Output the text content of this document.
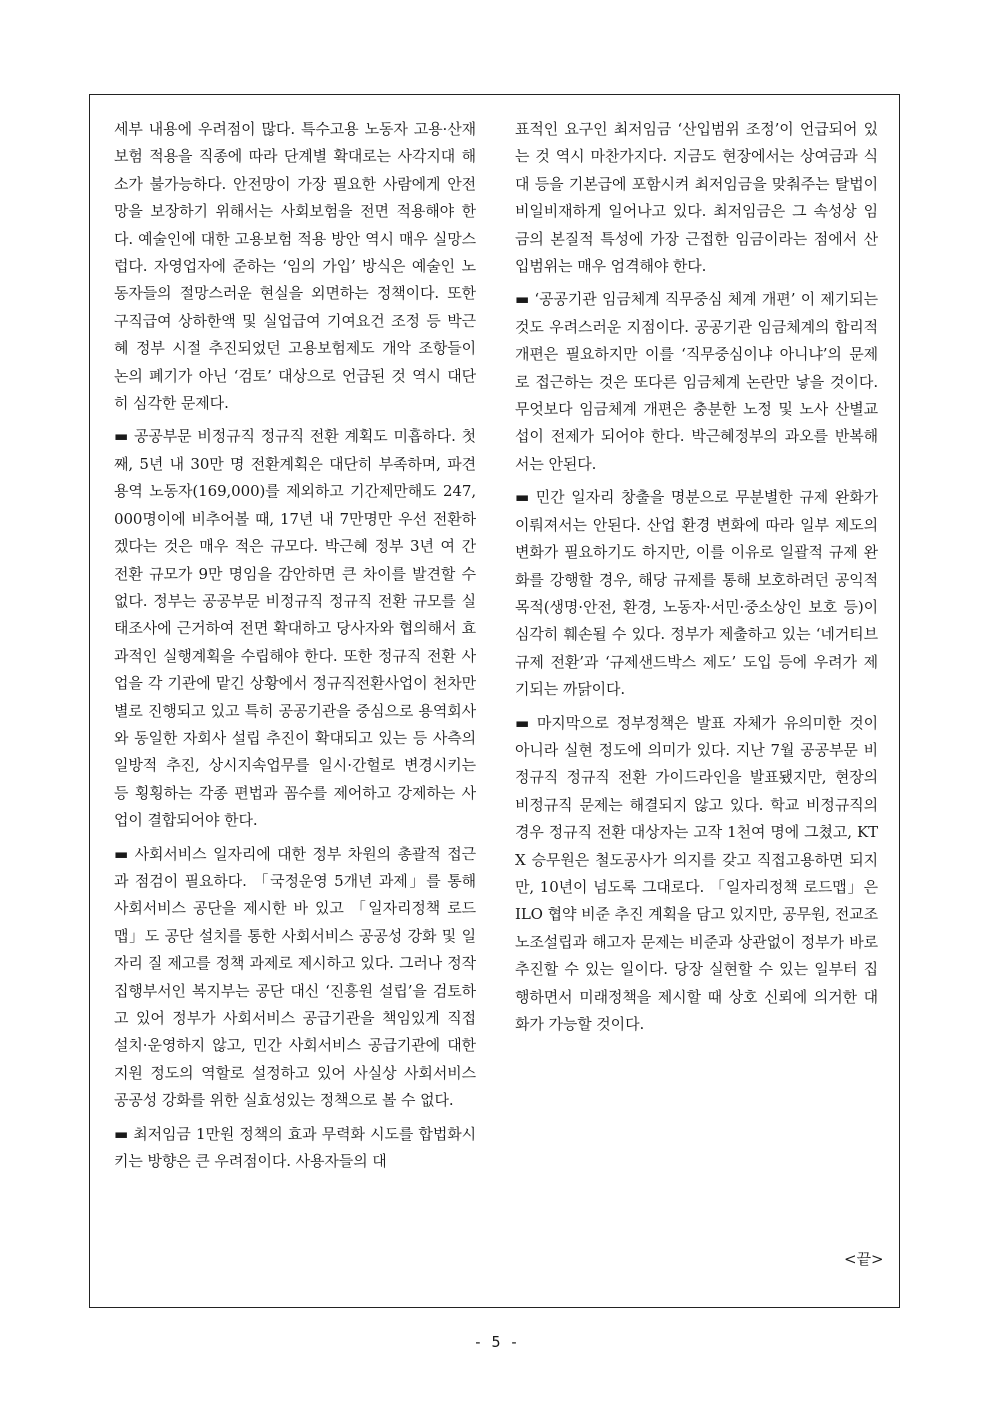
세부 내용에 우려점이 많다. 특수고용 노동자 고용·산재 보험 적용을 직종에 따라 단계별 확대로는 사각지대 해소가 불가능하다. 안전망이 가장 필요한 사람에게 안전망을 보장하기 위해서는 사회보험을 전면 적용해야 한다. 예술인에 대한 고용보험 적용 방안 역시 매우 실망스럽다. 자영업자에 준하는 ‘임의 가입’ 방식은 예술인 노동자들의 절망스러운 현실을 외면하는 정책이다. 또한 구직급여 상하한액 및 실업급여 기여요건 조정 등 박근혜 정부 시절 추진되었던 고용보험제도 개악 조항들이 논의 폐기가 아닌 ‘검토’ 대상으로 언급된 것 역시 대단히 심각한 문제다.

▬ 공공부문 비정규직 정규직 전환 계획도 미흡하다. 첫째, 5년 내 30만 명 전환계획은 대단히 부족하며, 파견용역 노동자(169,000)를 제외하고 기간제만해도 247,000명이에 비추어볼 때, 17년 내 7만명만 우선 전환하겠다는 것은 매우 적은 규모다. 박근혜 정부 3년 여 간 전환 규모가 9만 명임을 감안하면 큰 차이를 발견할 수 없다. 정부는 공공부문 비정규직 정규직 전환 규모를 실태조사에 근거하여 전면 확대하고 당사자와 협의해서 효과적인 실행계획을 수립해야 한다. 또한 정규직 전환 사업을 각 기관에 맡긴 상황에서 정규직전환사업이 천차만별로 진행되고 있고 특히 공공기관을 중심으로 용역회사와 동일한 자회사 설립 추진이 확대되고 있는 등 사측의 일방적 추진, 상시지속업무를 일시·간헐로 변경시키는 등 횡횡하는 각종 편법과 꼼수를 제어하고 강제하는 사업이 결합되어야 한다.

▬ 사회서비스 일자리에 대한 정부 차원의 총괄적 접근과 점검이 필요하다. 「국정운영 5개년 과제」를 통해 사회서비스 공단을 제시한 바 있고 「일자리정책 로드맵」도 공단 설치를 통한 사회서비스 공공성 강화 및 일자리 질 제고를 정책 과제로 제시하고 있다. 그러나 정작 집행부서인 복지부는 공단 대신 ‘진흥원 설립’을 검토하고 있어 정부가 사회서비스 공급기관을 책임있게 직접 설치·운영하지 않고, 민간 사회서비스 공급기관에 대한 지원 정도의 역할로 설정하고 있어 사실상 사회서비스 공공성 강화를 위한 실효성있는 정책으로 볼 수 없다.

▬ 최저임금 1만원 정책의 효과 무력화 시도를 합법화시키는 방향은 큰 우려점이다. 사용자들의 대

표적인 요구인 최저임금 ‘산입범위 조정’이 언급되어 있는 것 역시 마찬가지다. 지금도 현장에서는 상여금과 식대 등을 기본급에 포함시켜 최저임금을 맞춰주는 탈법이 비일비재하게 일어나고 있다. 최저임금은 그 속성상 임금의 본질적 특성에 가장 근접한 임금이라는 점에서 산입범위는 매우 엄격해야 한다.

▬ ‘공공기관 임금체계 직무중심 체계 개편’ 이 제기되는 것도 우려스러운 지점이다. 공공기관 임금체계의 합리적 개편은 필요하지만 이를 ‘직무중심이냐 아니냐’의 문제로 접근하는 것은 또다른 임금체계 논란만 낳을 것이다. 무엇보다 임금체계 개편은 충분한 노정 및 노사 산별교섭이 전제가 되어야 한다. 박근혜정부의 과오를 반복해서는 안된다.

▬ 민간 일자리 창출을 명분으로 무분별한 규제 완화가 이뤄져서는 안된다. 산업 환경 변화에 따라 일부 제도의 변화가 필요하기도 하지만, 이를 이유로 일괄적 규제 완화를 강행할 경우, 해당 규제를 통해 보호하려던 공익적 목적(생명·안전, 환경, 노동자·서민·중소상인 보호 등)이 심각히 훼손될 수 있다. 정부가 제출하고 있는 ‘네거티브 규제 전환’과 ‘규제샌드박스 제도’ 도입 등에 우려가 제기되는 까닭이다.

▬ 마지막으로 정부정책은 발표 자체가 유의미한 것이 아니라 실현 정도에 의미가 있다. 지난 7월 공공부문 비정규직 정규직 전환 가이드라인을 발표됐지만, 현장의 비정규직 문제는 해결되지 않고 있다. 학교 비정규직의 경우 정규직 전환 대상자는 고작 1천여 명에 그쳤고, KTX 승무원은 철도공사가 의지를 갖고 직접고용하면 되지만, 10년이 넘도록 그대로다. 「일자리정책 로드맵」은 ILO 협약 비준 추진 계획을 담고 있지만, 공무원, 전교조 노조설립과 해고자 문제는 비준과 상관없이 정부가 바로 추진할 수 있는 일이다. 당장 실현할 수 있는 일부터 집행하면서 미래정책을 제시할 때 상호 신뢰에 의거한 대화가 가능할 것이다.

<끝>
- 5 -
